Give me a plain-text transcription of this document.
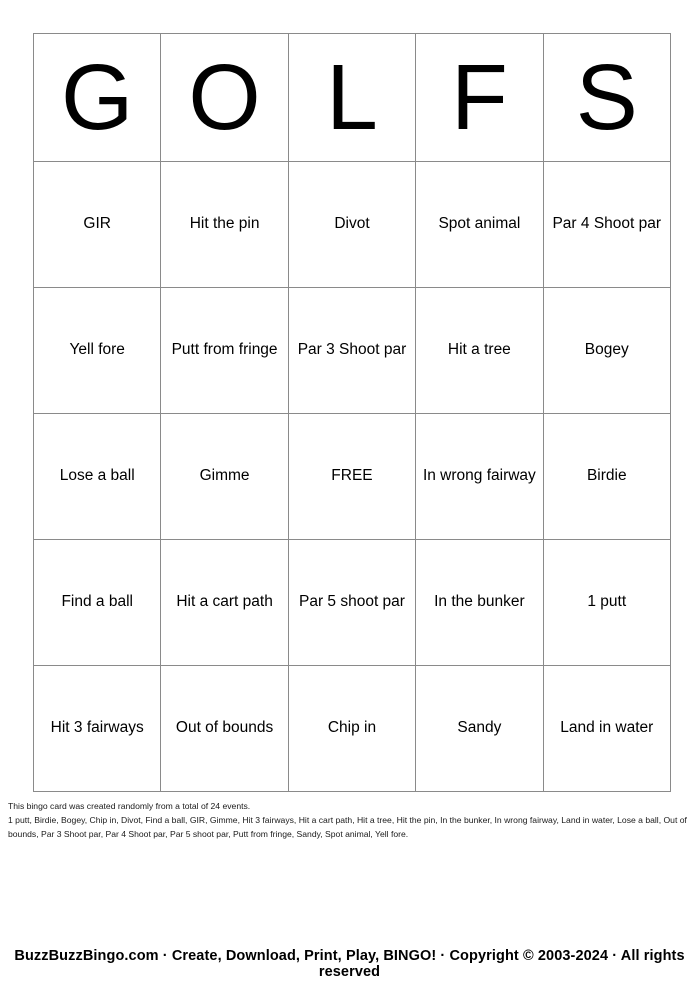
G	O	L	F	S
GIR	Hit the pin	Divot	Spot animal	Par 4 Shoot par
Yell fore	Putt from fringe	Par 3 Shoot par	Hit a tree	Bogey
Lose a ball	Gimme	FREE	In wrong fairway	Birdie
Find a ball	Hit a cart path	Par 5 shoot par	In the bunker	1 putt
Hit 3 fairways	Out of bounds	Chip in	Sandy	Land in water
This bingo card was created randomly from a total of 24 events.
1 putt, Birdie, Bogey, Chip in, Divot, Find a ball, GIR, Gimme, Hit 3 fairways, Hit a cart path, Hit a tree, Hit the pin, In the bunker, In wrong fairway, Land in water, Lose a ball, Out of bounds, Par 3 Shoot par, Par 4 Shoot par, Par 5 shoot par, Putt from fringe, Sandy, Spot animal, Yell fore.
BuzzBuzzBingo.com · Create, Download, Print, Play, BINGO! · Copyright © 2003-2024 · All rights reserved
